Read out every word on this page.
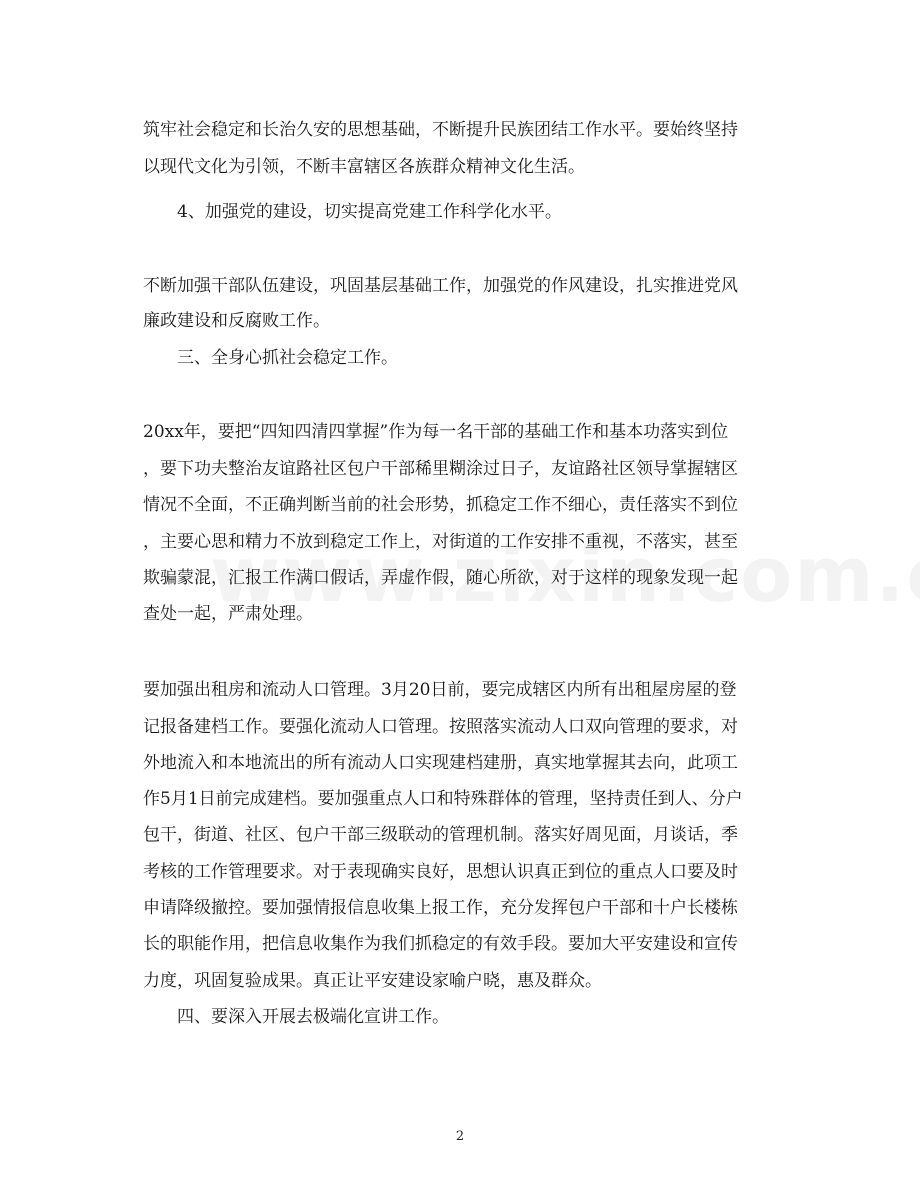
筑牢社会稳定和长治久安的思想基础，不断提升民族团结工作水平。要始终坚持
以现代文化为引领，不断丰富辖区各族群众精神文化生活。
4、加强党的建设，切实提高党建工作科学化水平。
不断加强干部队伍建设，巩固基层基础工作，加强党的作风建设，扎实推进党风
廉政建设和反腐败工作。
三、全身心抓社会稳定工作。
20xx年，要把“四知四清四掌握”作为每一名干部的基础工作和基本功落实到位
，要下功夫整治友谊路社区包户干部稀里糊涂过日子，友谊路社区领导掌握辖区
情况不全面，不正确判断当前的社会形势，抓稳定工作不细心，责任落实不到位
，主要心思和精力不放到稳定工作上，对街道的工作安排不重视，不落实，甚至
欺骗蒙混，汇报工作满口假话，弄虚作假，随心所欲，对于这样的现象发现一起
查处一起，严肃处理。
要加强出租房和流动人口管理。3月20日前，要完成辖区内所有出租屋房屋的登
记报备建档工作。要强化流动人口管理。按照落实流动人口双向管理的要求，对
外地流入和本地流出的所有流动人口实现建档建册，真实地掌握其去向，此项工
作5月1日前完成建档。要加强重点人口和特殊群体的管理，坚持责任到人、分户
包干，街道、社区、包户干部三级联动的管理机制。落实好周见面，月谈话，季
考核的工作管理要求。对于表现确实良好，思想认识真正到位的重点人口要及时
申请降级撤控。要加强情报信息收集上报工作，充分发挥包户干部和十户长楼栋
长的职能作用，把信息收集作为我们抓稳定的有效手段。要加大平安建设和宣传
力度，巩固复验成果。真正让平安建设家喻户晓，惠及群众。
四、要深入开展去极端化宣讲工作。
2
